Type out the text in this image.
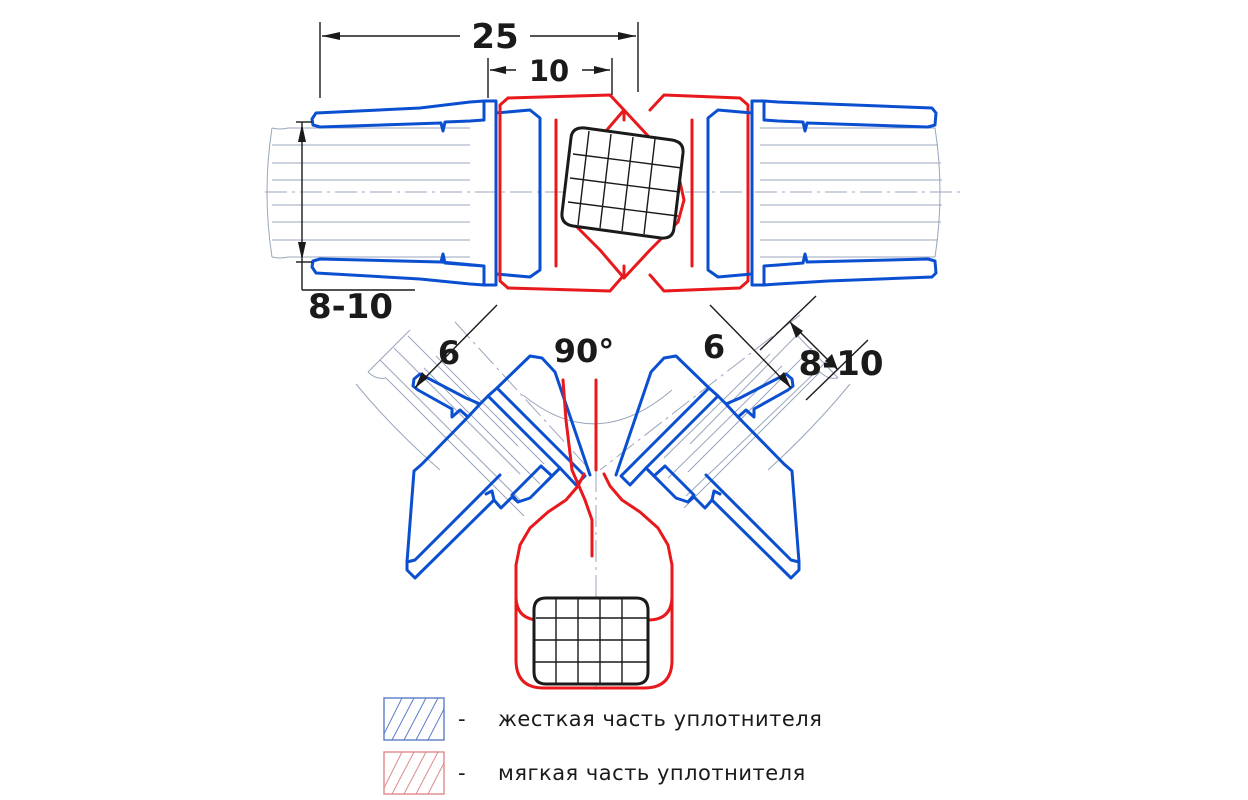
25
10
8-10
6	90°	6 8-10
- жесткая часть уплотнителя
- мягкая часть уплотнителя
